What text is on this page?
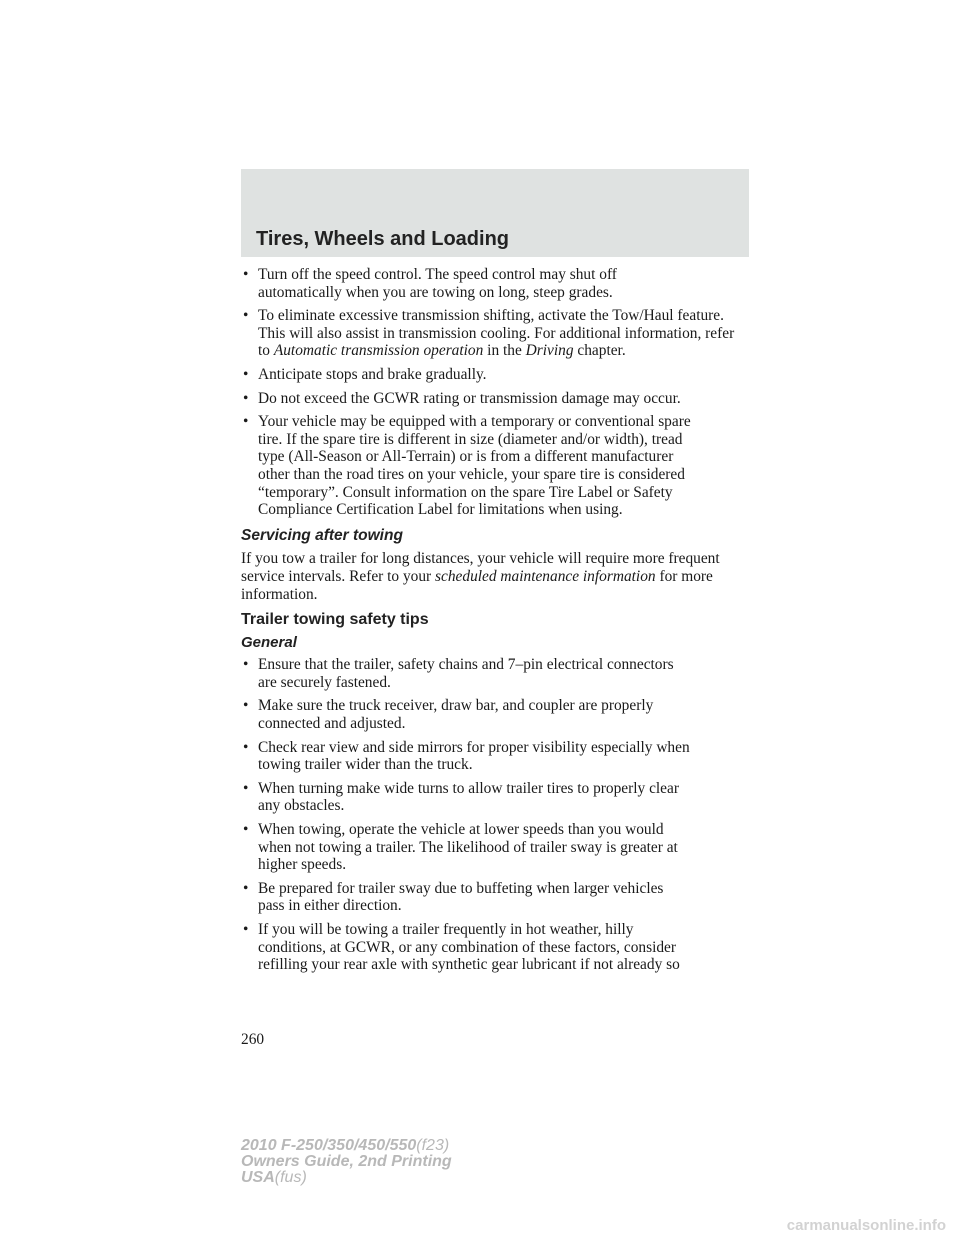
Tires, Wheels and Loading
• Turn off the speed control. The speed control may shut off
automatically when you are towing on long, steep grades.
• To eliminate excessive transmission shifting, activate the Tow/Haul feature. This will also assist in transmission cooling. For additional information, refer to Automatic transmission operation in the Driving chapter.
• Anticipate stops and brake gradually.
• Do not exceed the GCWR rating or transmission damage may occur.
• Your vehicle may be equipped with a temporary or conventional spare
tire. If the spare tire is different in size (diameter and/or width), tread
type (All-Season or All-Terrain) or is from a different manufacturer
other than the road tires on your vehicle, your spare tire is considered
“temporary”. Consult information on the spare Tire Label or Safety
Compliance Certification Label for limitations when using.
Servicing after towing

If you tow a trailer for long distances, your vehicle will require more frequent service intervals. Refer to your scheduled maintenance information for more information.

Trailer towing safety tips
General
• Ensure that the trailer, safety chains and 7–pin electrical connectors
are securely fastened.
• Make sure the truck receiver, draw bar, and coupler are properly
connected and adjusted.
• Check rear view and side mirrors for proper visibility especially when
towing trailer wider than the truck.
• When turning make wide turns to allow trailer tires to properly clear
any obstacles.
• When towing, operate the vehicle at lower speeds than you would
when not towing a trailer. The likelihood of trailer sway is greater at
higher speeds.
• Be prepared for trailer sway due to buffeting when larger vehicles
pass in either direction.
• If you will be towing a trailer frequently in hot weather, hilly
conditions, at GCWR, or any combination of these factors, consider
refilling your rear axle with synthetic gear lubricant if not already so
260
2010 F-250/350/450/550(f23)
Owners Guide, 2nd Printing
USA(fus)
carmanualsonline.info
